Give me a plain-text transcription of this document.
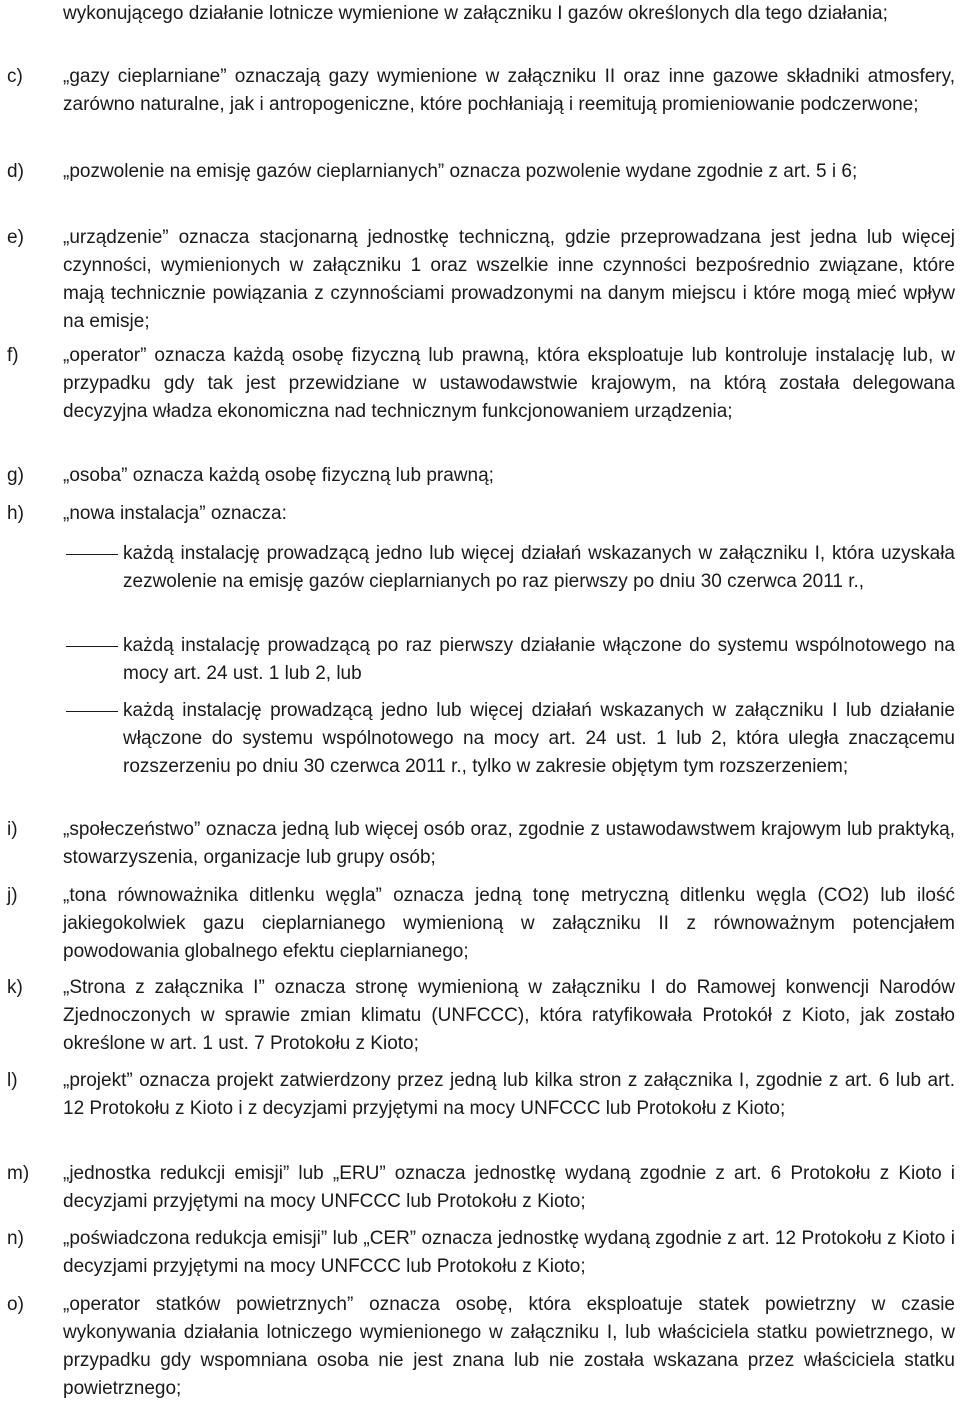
wykonującego działanie lotnicze wymienione w załączniku I gazów określonych dla tego działania;
c)	„gazy cieplarniane” oznaczają gazy wymienione w załączniku II oraz inne gazowe składniki atmosfery, zarówno naturalne, jak i antropogeniczne, które pochłaniają i reemitują promieniowanie podczerwone;
d)	„pozwolenie na emisję gazów cieplarnianych” oznacza pozwolenie wydane zgodnie z art. 5 i 6;
e)	„urządzenie” oznacza stacjonarną jednostkę techniczną, gdzie przeprowadzana jest jedna lub więcej czynności, wymienionych w załączniku 1 oraz wszelkie inne czynności bezpośrednio związane, które mają technicznie powiązania z czynnościami prowadzonymi na danym miejscu i które mogą mieć wpływ na emisje;
f)	„operator” oznacza każdą osobę fizyczną lub prawną, która eksploatuje lub kontroluje instalację lub, w przypadku gdy tak jest przewidziane w ustawodawstwie krajowym, na którą została delegowana decyzyjna władza ekonomiczna nad technicznym funkcjonowaniem urządzenia;
g)	„osoba” oznacza każdą osobę fizyczną lub prawną;
h)	„nowa instalacja” oznacza:
każdą instalację prowadzącą jedno lub więcej działań wskazanych w załączniku I, która uzyskała zezwolenie na emisję gazów cieplarnianych po raz pierwszy po dniu 30 czerwca 2011 r.,
każdą instalację prowadzącą po raz pierwszy działanie włączone do systemu wspólnotowego na mocy art. 24 ust. 1 lub 2, lub
każdą instalację prowadzącą jedno lub więcej działań wskazanych w załączniku I lub działanie włączone do systemu wspólnotowego na mocy art. 24 ust. 1 lub 2, która uległa znaczącemu rozszerzeniu po dniu 30 czerwca 2011 r., tylko w zakresie objętym tym rozszerzeniem;
i)	„społeczeństwo” oznacza jedną lub więcej osób oraz, zgodnie z ustawodawstwem krajowym lub praktyką, stowarzyszenia, organizacje lub grupy osób;
j)	„tona równoważnika ditlenku węgla” oznacza jedną tonę metryczną ditlenku węgla (CO2) lub ilość jakiegokolwiek gazu cieplarnianego wymienioną w załączniku II z równoważnym potencjałem powodowania globalnego efektu cieplarnianego;
k)	„Strona z załącznika I” oznacza stronę wymienioną w załączniku I do Ramowej konwencji Narodów Zjednoczonych w sprawie zmian klimatu (UNFCCC), która ratyfikowała Protokół z Kioto, jak zostało określone w art. 1 ust. 7 Protokołu z Kioto;
l)	„projekt” oznacza projekt zatwierdzony przez jedną lub kilka stron z załącznika I, zgodnie z art. 6 lub art. 12 Protokołu z Kioto i z decyzjami przyjętymi na mocy UNFCCC lub Protokołu z Kioto;
m)	„jednostka redukcji emisji” lub „ERU” oznacza jednostkę wydaną zgodnie z art. 6 Protokołu z Kioto i decyzjami przyjętymi na mocy UNFCCC lub Protokołu z Kioto;
n)	„poświadczona redukcja emisji” lub „CER” oznacza jednostkę wydaną zgodnie z art. 12 Protokołu z Kioto i decyzjami przyjętymi na mocy UNFCCC lub Protokołu z Kioto;
o)	„operator statków powietrznych” oznacza osobę, która eksploatuje statek powietrzny w czasie wykonywania działania lotniczego wymienionego w załączniku I, lub właściciela statku powietrznego, w przypadku gdy wspomniana osoba nie jest znana lub nie została wskazana przez właściciela statku powietrznego;
